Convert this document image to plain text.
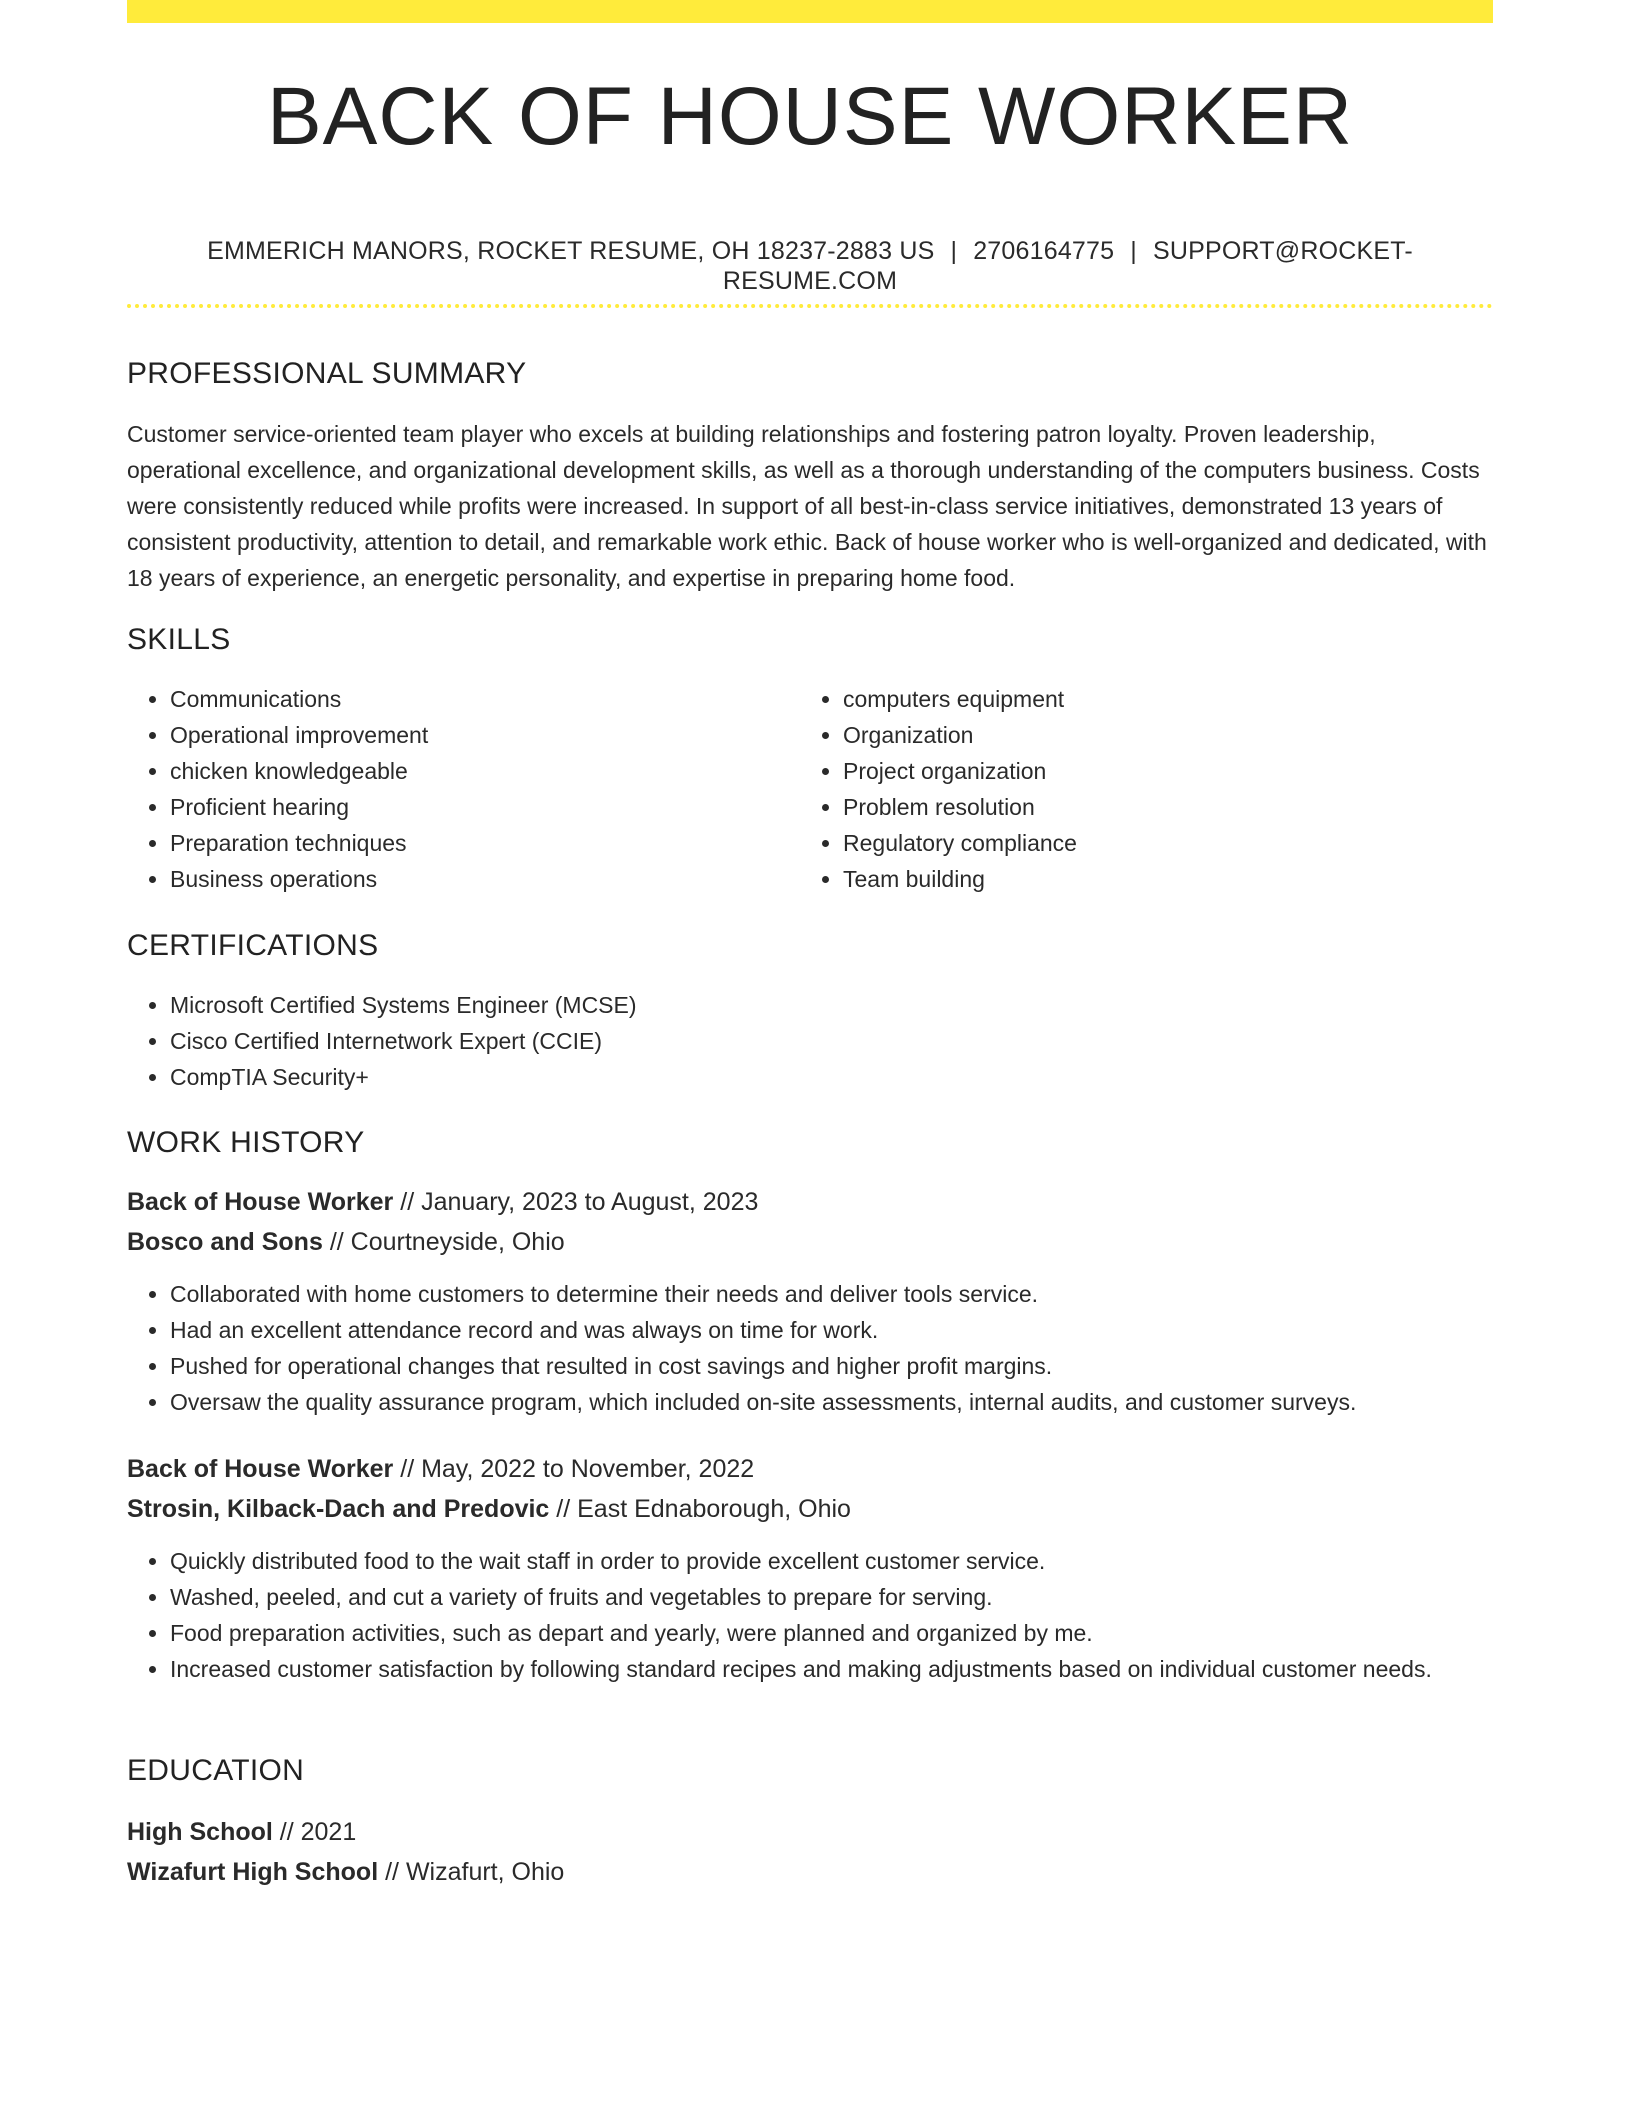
BACK OF HOUSE WORKER
EMMERICH MANORS, ROCKET RESUME, OH 18237-2883 US | 2706164775 | SUPPORT@ROCKET-RESUME.COM
PROFESSIONAL SUMMARY

Customer service-oriented team player who excels at building relationships and fostering patron loyalty. Proven leadership, operational excellence, and organizational development skills, as well as a thorough understanding of the computers business. Costs were consistently reduced while profits were increased. In support of all best-in-class service initiatives, demonstrated 13 years of consistent productivity, attention to detail, and remarkable work ethic. Back of house worker who is well-organized and dedicated, with 18 years of experience, an energetic personality, and expertise in preparing home food.

SKILLS
• Communications
• Operational improvement
• chicken knowledgeable
• Proficient hearing
• Preparation techniques
• Business operations
• computers equipment
• Organization
• Project organization
• Problem resolution
• Regulatory compliance
• Team building
CERTIFICATIONS
• Microsoft Certified Systems Engineer (MCSE)
• Cisco Certified Internetwork Expert (CCIE)
• CompTIA Security+
WORK HISTORY
Back of House Worker // January, 2023 to August, 2023
Bosco and Sons // Courtneyside, Ohio
• Collaborated with home customers to determine their needs and deliver tools service.
• Had an excellent attendance record and was always on time for work.
• Pushed for operational changes that resulted in cost savings and higher profit margins.
• Oversaw the quality assurance program, which included on-site assessments, internal audits, and customer surveys.
Back of House Worker // May, 2022 to November, 2022
Strosin, Kilback-Dach and Predovic // East Ednaborough, Ohio
• Quickly distributed food to the wait staff in order to provide excellent customer service.
• Washed, peeled, and cut a variety of fruits and vegetables to prepare for serving.
• Food preparation activities, such as depart and yearly, were planned and organized by me.
• Increased customer satisfaction by following standard recipes and making adjustments based on individual customer needs.
EDUCATION
High School // 2021
Wizafurt High School // Wizafurt, Ohio
